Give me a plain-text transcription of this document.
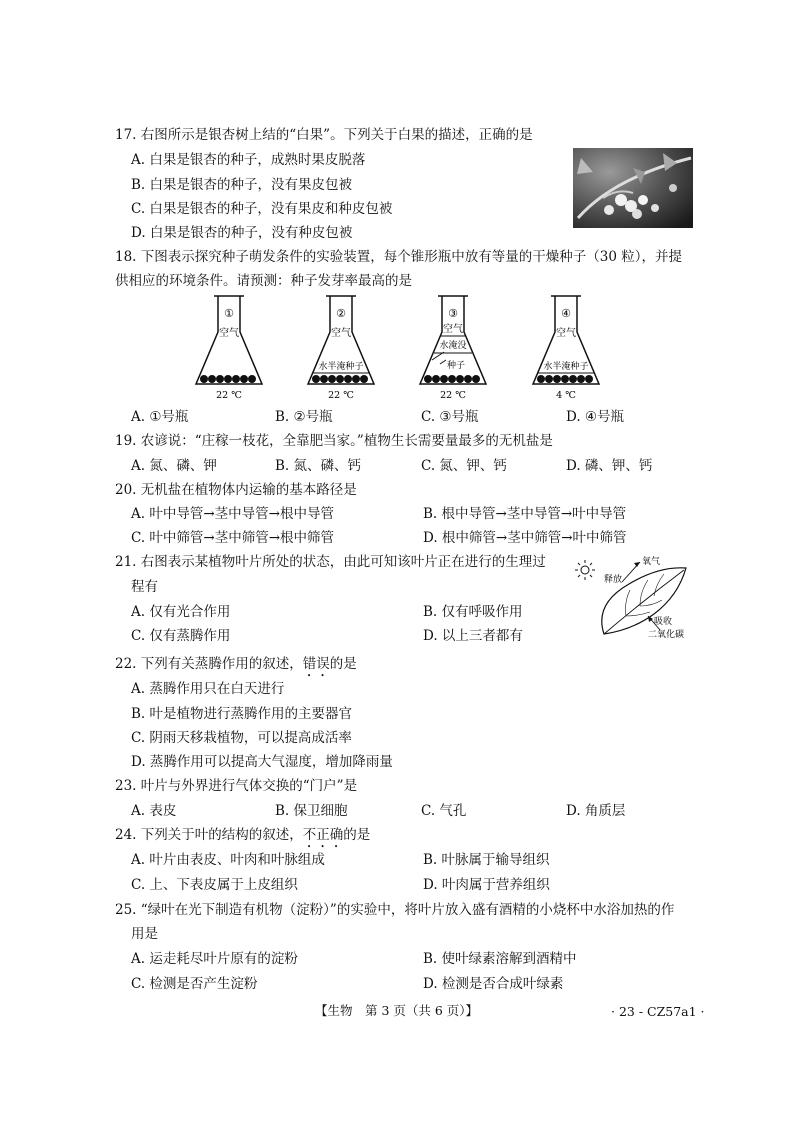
17. 右图所示是银杏树上结的“白果”。下列关于白果的描述，正确的是
A. 白果是银杏的种子，成熟时果皮脱落
B. 白果是银杏的种子，没有果皮包被
C. 白果是银杏的种子，没有果皮和种皮包被
D. 白果是银杏的种子，没有种皮包被
18. 下图表示探究种子萌发条件的实验装置，每个锥形瓶中放有等量的干燥种子（30 粒），并提
供相应的环境条件。请预测：种子发芽率最高的是
①
空气
22 ℃
②
空气
水半淹种子
22 ℃
③
空气
水淹没
种子
22 ℃
④
空气
水半淹种子
4 ℃
A. ①号瓶	B. ②号瓶	C. ③号瓶	D. ④号瓶
19. 农谚说：“庄稼一枝花，全靠肥当家。”植物生长需要量最多的无机盐是
A. 氮、磷、钾	B. 氮、磷、钙	C. 氮、钾、钙	D. 磷、钾、钙
20. 无机盐在植物体内运输的基本路径是
A. 叶中导管→茎中导管→根中导管	B. 根中导管→茎中导管→叶中导管
C. 叶中筛管→茎中筛管→根中筛管	D. 根中筛管→茎中筛管→叶中筛管
21. 右图表示某植物叶片所处的状态，由此可知该叶片正在进行的生理过
程有
A. 仅有光合作用	B. 仅有呼吸作用
C. 仅有蒸腾作用	D. 以上三者都有
氧气
释放
吸收
二氧化碳
22. 下列有关蒸腾作用的叙述，错误的是
A. 蒸腾作用只在白天进行
B. 叶是植物进行蒸腾作用的主要器官
C. 阴雨天移栽植物，可以提高成活率
D. 蒸腾作用可以提高大气湿度，增加降雨量
23. 叶片与外界进行气体交换的“门户”是
A. 表皮	B. 保卫细胞	C. 气孔	D. 角质层
24. 下列关于叶的结构的叙述，不正确的是
A. 叶片由表皮、叶肉和叶脉组成	B. 叶脉属于输导组织
C. 上、下表皮属于上皮组织	D. 叶肉属于营养组织
25. “绿叶在光下制造有机物（淀粉）”的实验中，将叶片放入盛有酒精的小烧杯中水浴加热的作
用是
A. 运走耗尽叶片原有的淀粉	B. 使叶绿素溶解到酒精中
C. 检测是否产生淀粉	D. 检测是否合成叶绿素
【生物　第 3 页（共 6 页）】	· 23 - CZ57a1 ·
